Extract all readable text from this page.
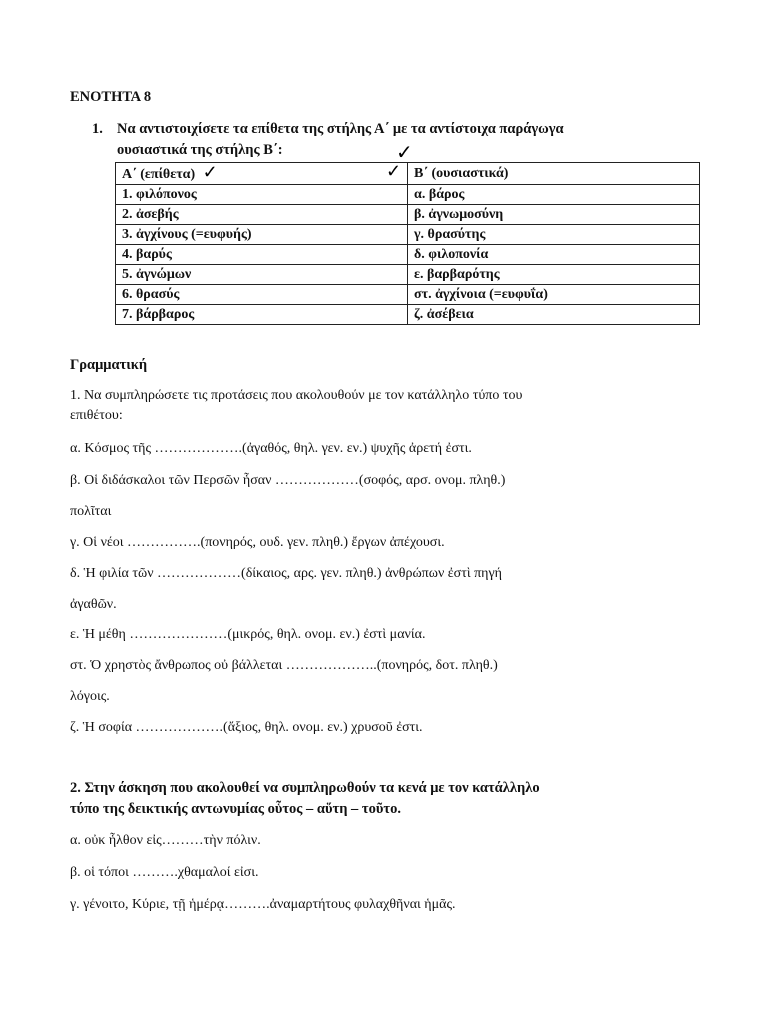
ΕΝΟΤΗΤΑ 8
1. Να αντιστοιχίσετε τα επίθετα της στήλης Α΄ με τα αντίστοιχα παράγωγα
ουσιαστικά της στήλης Β΄:	✓
Α΄ (επίθετα) ✓	✓ Β΄ (ουσιαστικά)
1. φιλόπονος	α. βάρος
2. ἀσεβής	β. ἀγνωμοσύνη
3. ἀγχίνους (=ευφυής)	γ. θρασύτης
4. βαρύς	δ. φιλοπονία
5. ἀγνώμων	ε. βαρβαρότης
6. θρασύς	στ. ἀγχίνοια (=ευφυΐα)
7. βάρβαρος	ζ. ἀσέβεια
Γραμματική
1. Να συμπληρώσετε τις προτάσεις που ακολουθούν με τον κατάλληλο τύπο του
επιθέτου:
α. Κόσμος τῆς ……………….(ἀγαθός, θηλ. γεν. εν.) ψυχῆς ἀρετή ἐστι.
β. Οἱ διδάσκαλοι τῶν Περσῶν ἦσαν ………………(σοφός, αρσ. ονομ. πληθ.)
πολῖται
γ. Οἱ νέοι …………….(πονηρός, ουδ. γεν. πληθ.) ἔργων ἀπέχουσι.
δ. Ἡ φιλία τῶν ………………(δίκαιος, αρς. γεν. πληθ.) ἀνθρώπων ἐστὶ πηγή
ἀγαθῶν.
ε. Ἡ μέθη …………………(μικρός, θηλ. ονομ. εν.) ἐστὶ μανία.
στ. Ὁ χρηστὸς ἄνθρωπος οὐ βάλλεται ………………..(πονηρός, δοτ. πληθ.)
λόγοις.
ζ. Ἡ σοφία ……………….(ἄξιος, θηλ. ονομ. εν.) χρυσοῦ ἐστι.
2. Στην άσκηση που ακολουθεί να συμπληρωθούν τα κενά με τον κατάλληλο
τύπο της δεικτικής αντωνυμίας οὗτος – αὕτη – τοῦτο.
α. οὐκ ἦλθον εἰς………τὴν πόλιν.
β. οἱ τόποι ……….χθαμαλοί εἰσι.
γ. γένοιτο, Κύριε, τῇ ἡμέρᾳ……….ἀναμαρτήτους φυλαχθῆναι ἡμᾶς.
